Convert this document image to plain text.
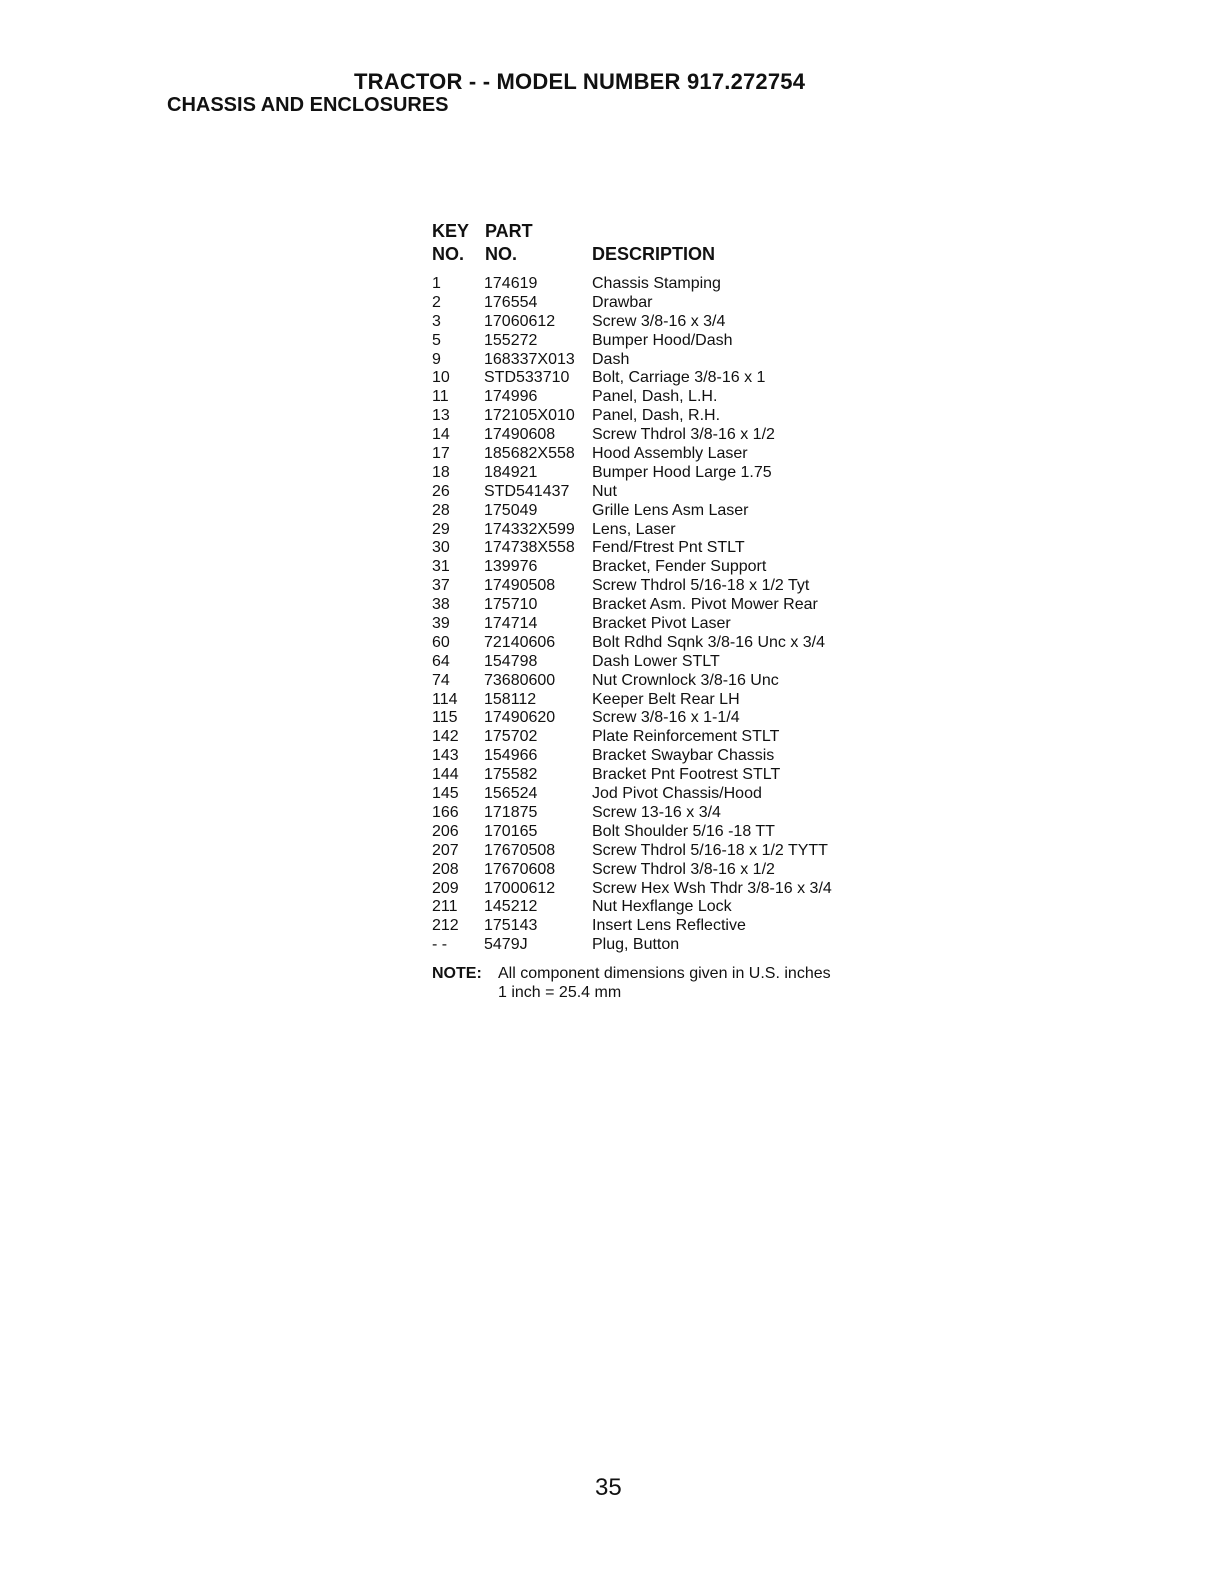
TRACTOR - - MODEL NUMBER 917.272754
CHASSIS AND ENCLOSURES
KEY PART
NO. NO.	DESCRIPTION
1	174619	Chassis Stamping
2	176554	Drawbar
3	17060612 Screw 3/8-16 x 3/4
5	155272	Bumper Hood/Dash
9	168337X013 Dash
10 STD533710 Bolt, Carriage 3/8-16 x 1
11 174996	Panel, Dash, L.H.
13 172105X010 Panel, Dash, R.H.
14 17490608 Screw Thdrol 3/8-16 x 1/2
17 185682X558 Hood Assembly Laser
18 184921	Bumper Hood Large 1.75
26 STD541437 Nut
28 175049	Grille Lens Asm Laser
29 174332X599 Lens, Laser
30 174738X558 Fend/Ftrest Pnt STLT
31 139976	Bracket, Fender Support
37 17490508 Screw Thdrol 5/16-18 x 1/2 Tyt
38 175710	Bracket Asm. Pivot Mower Rear
39 174714	Bracket Pivot Laser
60 72140606 Bolt Rdhd Sqnk 3/8-16 Unc x 3/4
64 154798	Dash Lower STLT
74 73680600 Nut Crownlock 3/8-16 Unc
114 158112	Keeper Belt Rear LH
115 17490620 Screw 3/8-16 x 1-1/4
142 175702	Plate Reinforcement STLT
143 154966	Bracket Swaybar Chassis
144 175582	Bracket Pnt Footrest STLT
145 156524	Jod Pivot Chassis/Hood
166 171875	Screw 13-16 x 3/4
206 170165	Bolt Shoulder 5/16 -18 TT
207 17670508 Screw Thdrol 5/16-18 x 1/2 TYTT
208 17670608 Screw Thdrol 3/8-16 x 1/2
209 17000612 Screw Hex Wsh Thdr 3/8-16 x 3/4
211 145212	Nut Hexflange Lock
212 175143	Insert Lens Reflective
- - 5479J	Plug, Button
NOTE: All component dimensions given in U.S. inches
1 inch = 25.4 mm
35
